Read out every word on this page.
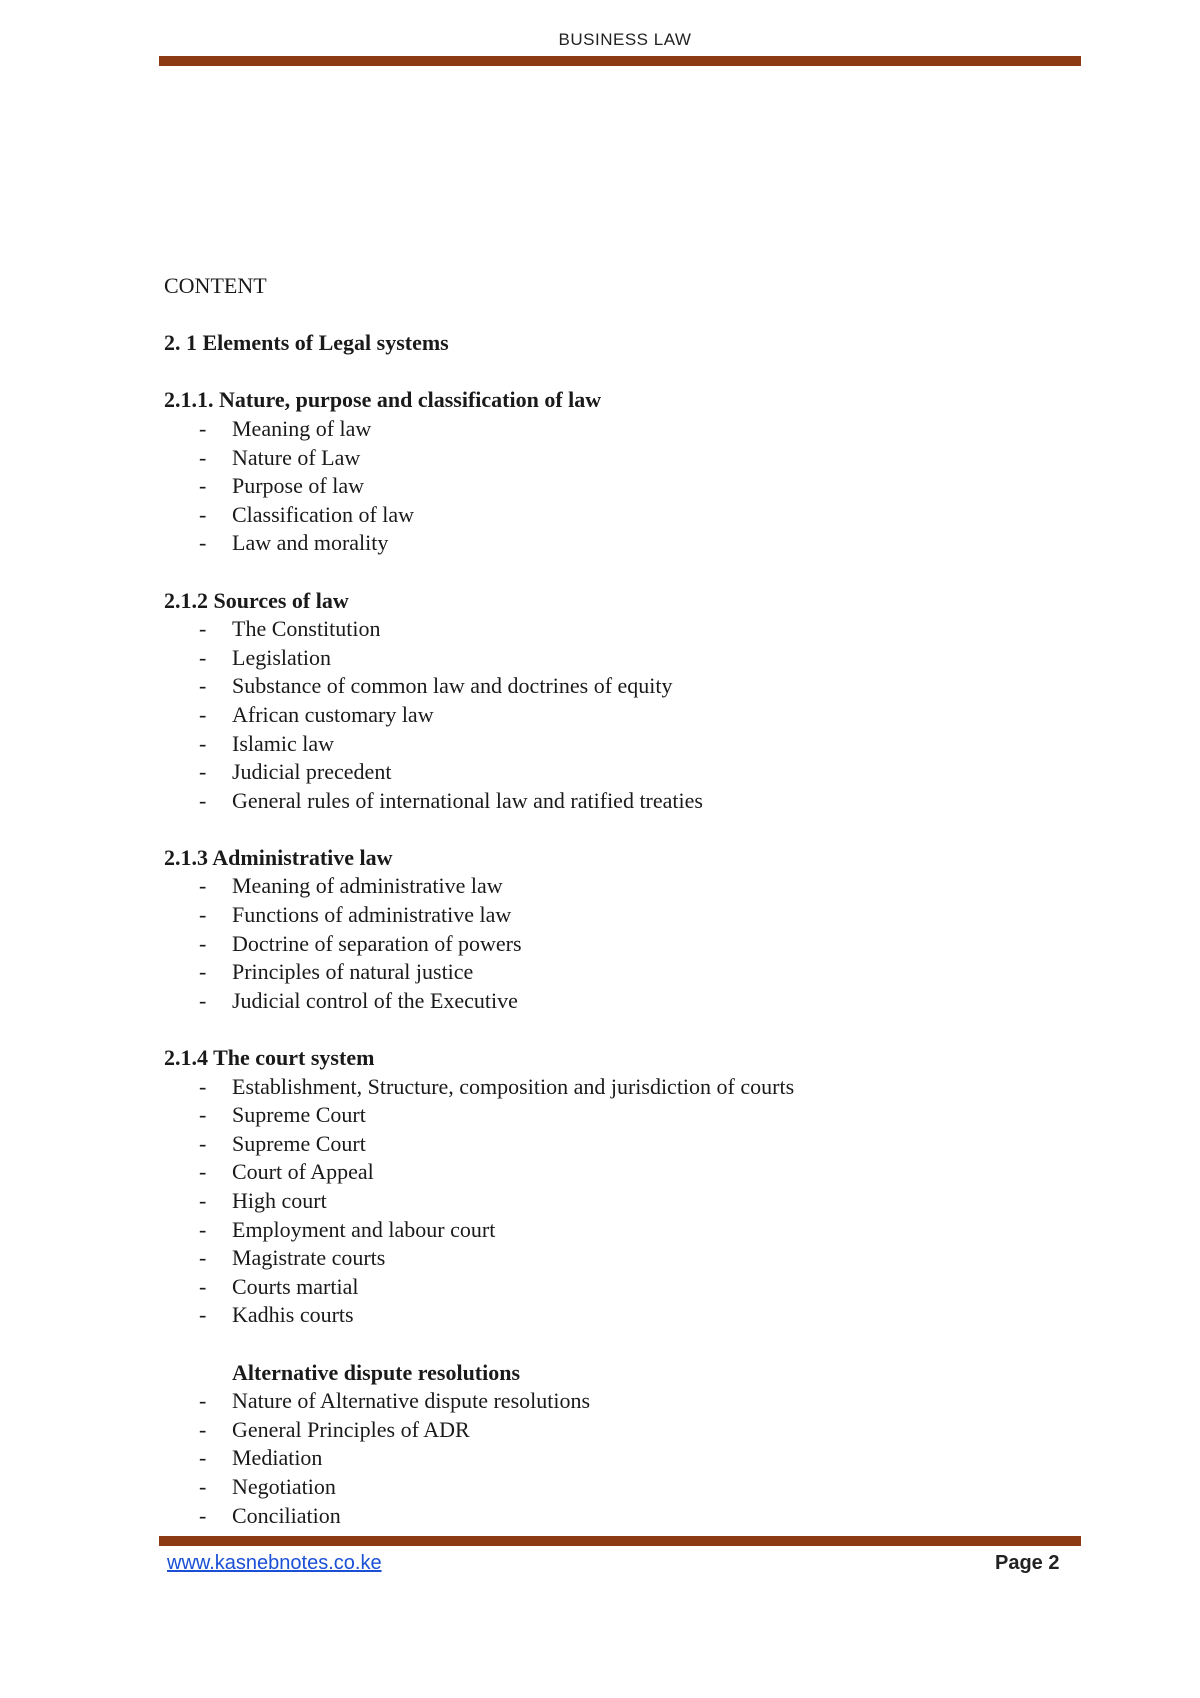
BUSINESS LAW
CONTENT
2. 1 Elements of Legal systems
2.1.1. Nature, purpose and classification of law
- Meaning of law
- Nature of Law
- Purpose of law
- Classification of law
- Law and morality
2.1.2 Sources of law
- The Constitution
- Legislation
- Substance of common law and doctrines of equity
- African customary law
- Islamic law
- Judicial precedent
- General rules of international law and ratified treaties
2.1.3 Administrative law
- Meaning of administrative law
- Functions of administrative law
- Doctrine of separation of powers
- Principles of natural justice
- Judicial control of the Executive
2.1.4 The court system
- Establishment, Structure, composition and jurisdiction of courts
- Supreme Court
- Supreme Court
- Court of Appeal
- High court
- Employment and labour court
- Magistrate courts
- Courts martial
- Kadhis courts
Alternative dispute resolutions
- Nature of Alternative dispute resolutions
- General Principles of ADR
- Mediation
- Negotiation
- Conciliation
www.kasnebnotes.co.ke	Page 2
